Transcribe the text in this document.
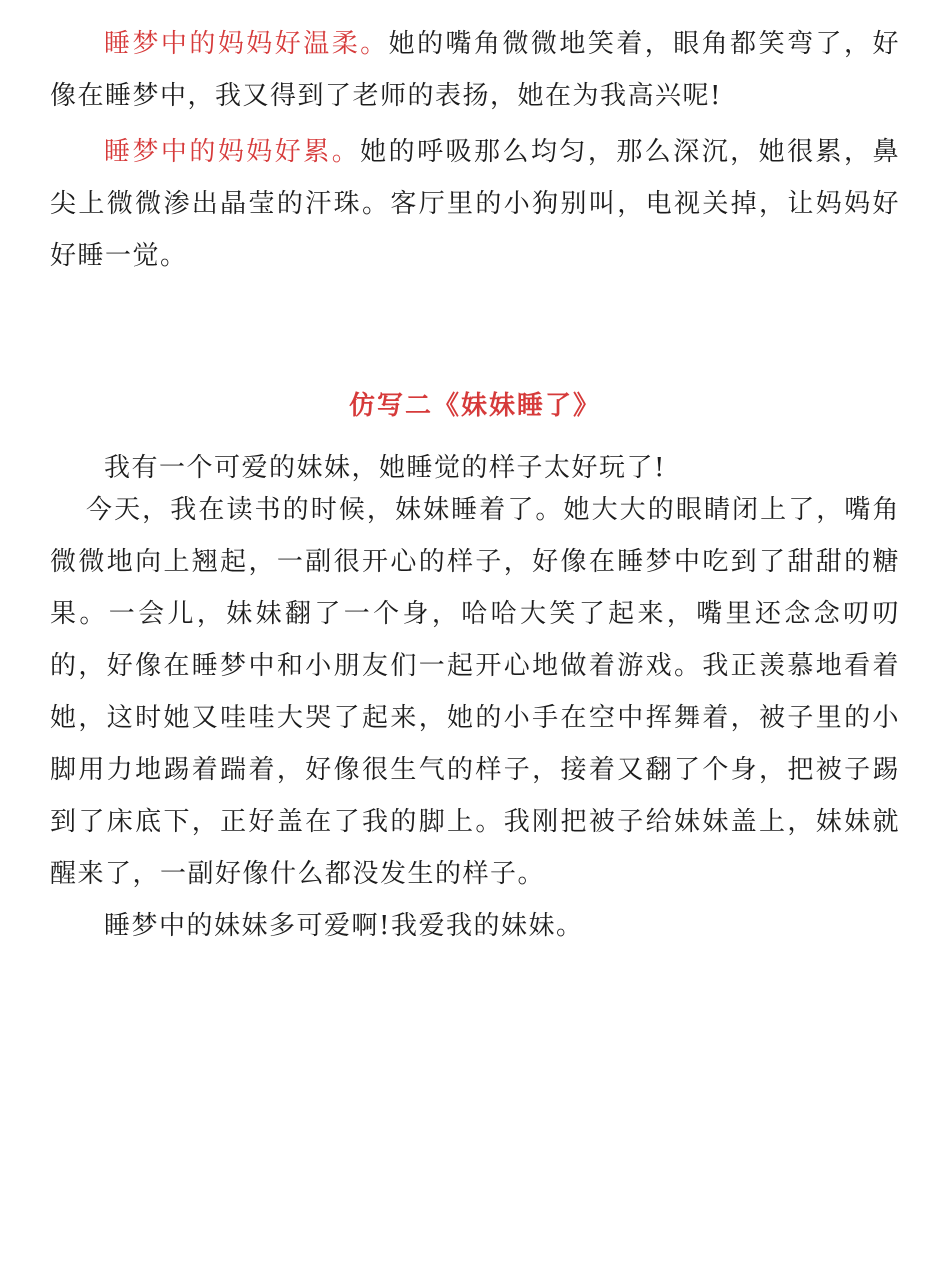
睡梦中的妈妈好温柔。她的嘴角微微地笑着，眼角都笑弯了，好像在睡梦中，我又得到了老师的表扬，她在为我高兴呢!

睡梦中的妈妈好累。她的呼吸那么均匀，那么深沉，她很累，鼻尖上微微渗出晶莹的汗珠。客厅里的小狗别叫，电视关掉，让妈妈好好睡一觉。

仿写二《妹妹睡了》

我有一个可爱的妹妹，她睡觉的样子太好玩了!

今天，我在读书的时候，妹妹睡着了。她大大的眼睛闭上了，嘴角微微地向上翘起，一副很开心的样子，好像在睡梦中吃到了甜甜的糖果。一会儿，妹妹翻了一个身，哈哈大笑了起来，嘴里还念念叨叨的，好像在睡梦中和小朋友们一起开心地做着游戏。我正羡慕地看着她，这时她又哇哇大哭了起来，她的小手在空中挥舞着，被子里的小脚用力地踢着踹着，好像很生气的样子，接着又翻了个身，把被子踢到了床底下，正好盖在了我的脚上。我刚把被子给妹妹盖上，妹妹就醒来了，一副好像什么都没发生的样子。

睡梦中的妹妹多可爱啊!我爱我的妹妹。
